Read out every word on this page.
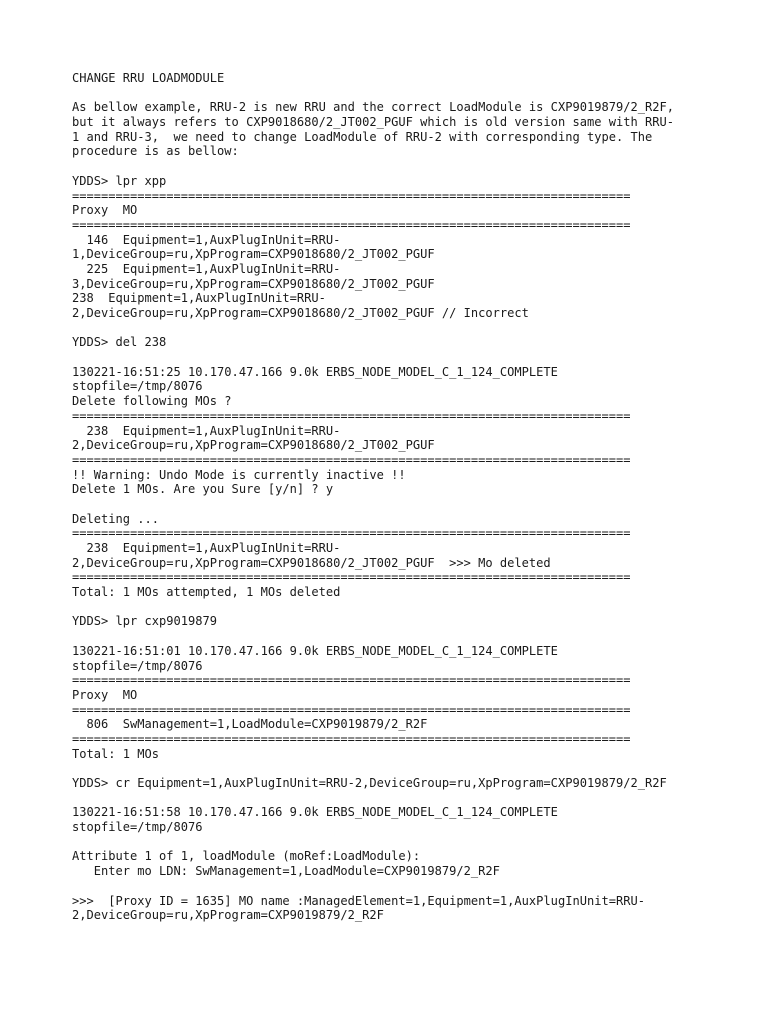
CHANGE RRU LOADMODULE
As bellow example, RRU-2 is new RRU and the correct LoadModule is CXP9019879/2_R2F,
but it always refers to CXP9018680/2_JT002_PGUF which is old version same with RRU-
1 and RRU-3,  we need to change LoadModule of RRU-2 with corresponding type. The
procedure is as bellow:
YDDS> lpr xpp
=============================================================================
Proxy  MO
=============================================================================
146  Equipment=1,AuxPlugInUnit=RRU-
1,DeviceGroup=ru,XpProgram=CXP9018680/2_JT002_PGUF
225  Equipment=1,AuxPlugInUnit=RRU-
3,DeviceGroup=ru,XpProgram=CXP9018680/2_JT002_PGUF
238  Equipment=1,AuxPlugInUnit=RRU-
2,DeviceGroup=ru,XpProgram=CXP9018680/2_JT002_PGUF // Incorrect
YDDS> del 238
130221-16:51:25 10.170.47.166 9.0k ERBS_NODE_MODEL_C_1_124_COMPLETE
stopfile=/tmp/8076
Delete following MOs ?
=============================================================================
238  Equipment=1,AuxPlugInUnit=RRU-
2,DeviceGroup=ru,XpProgram=CXP9018680/2_JT002_PGUF
=============================================================================
!! Warning: Undo Mode is currently inactive !!
Delete 1 MOs. Are you Sure [y/n] ? y
Deleting ...
=============================================================================
238  Equipment=1,AuxPlugInUnit=RRU-
2,DeviceGroup=ru,XpProgram=CXP9018680/2_JT002_PGUF  >>> Mo deleted
=============================================================================
Total: 1 MOs attempted, 1 MOs deleted
YDDS> lpr cxp9019879
130221-16:51:01 10.170.47.166 9.0k ERBS_NODE_MODEL_C_1_124_COMPLETE
stopfile=/tmp/8076
=============================================================================
Proxy  MO
=============================================================================
806  SwManagement=1,LoadModule=CXP9019879/2_R2F
=============================================================================
Total: 1 MOs
YDDS> cr Equipment=1,AuxPlugInUnit=RRU-2,DeviceGroup=ru,XpProgram=CXP9019879/2_R2F
130221-16:51:58 10.170.47.166 9.0k ERBS_NODE_MODEL_C_1_124_COMPLETE
stopfile=/tmp/8076
Attribute 1 of 1, loadModule (moRef:LoadModule):
Enter mo LDN: SwManagement=1,LoadModule=CXP9019879/2_R2F
>>>  [Proxy ID = 1635] MO name :ManagedElement=1,Equipment=1,AuxPlugInUnit=RRU-
2,DeviceGroup=ru,XpProgram=CXP9019879/2_R2F
